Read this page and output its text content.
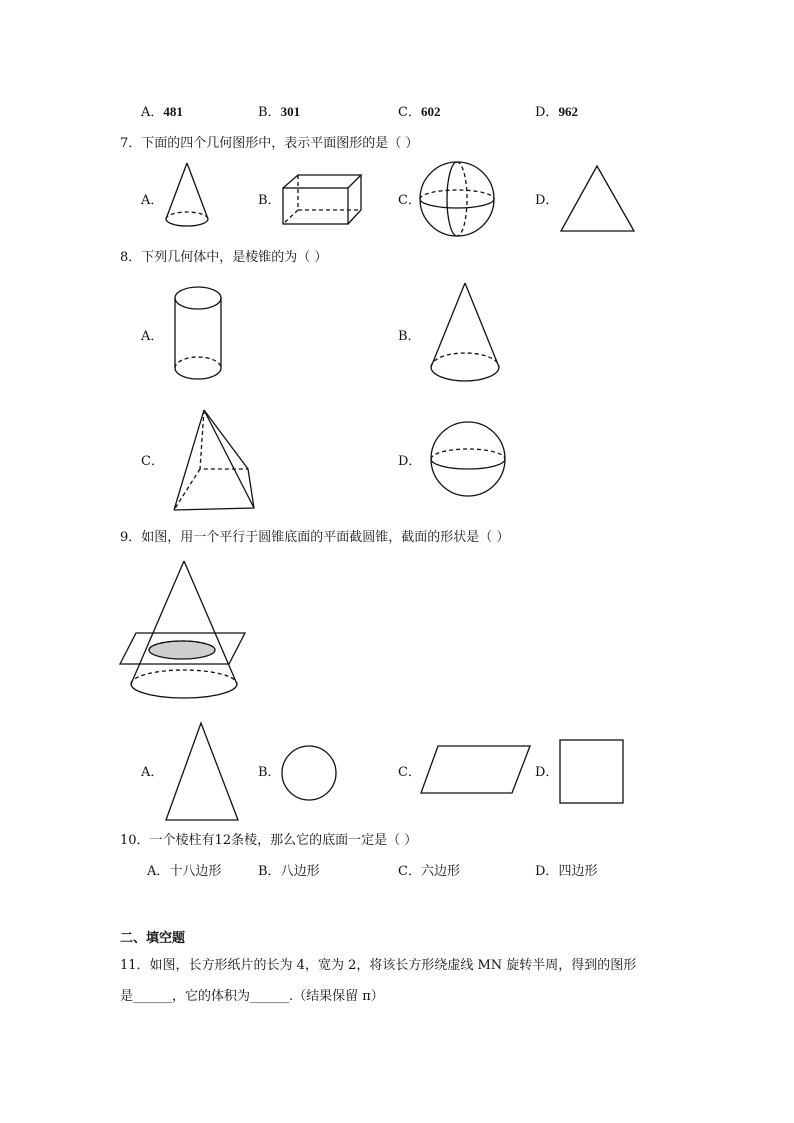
A．481	B．301	C．602	D．962
7．下面的四个几何图形中，表示平面图形的是（ ）
A．	B．	C．	D．
8．下列几何体中，是棱锥的为（ ）
A．	B．
C．	D．
9．如图，用一个平行于圆锥底面的平面截圆锥，截面的形状是（ ）
A．	B．	C．	D．
10．一个棱柱有12条棱，那么它的底面一定是（ ）
A．十八边形	B．八边形	C．六边形	D．四边形
二、填空题
11．如图，长方形纸片的长为 4，宽为 2，将该长方形绕虚线 MN 旋转半周，得到的图形
是______，它的体积为______.（结果保留 π）
